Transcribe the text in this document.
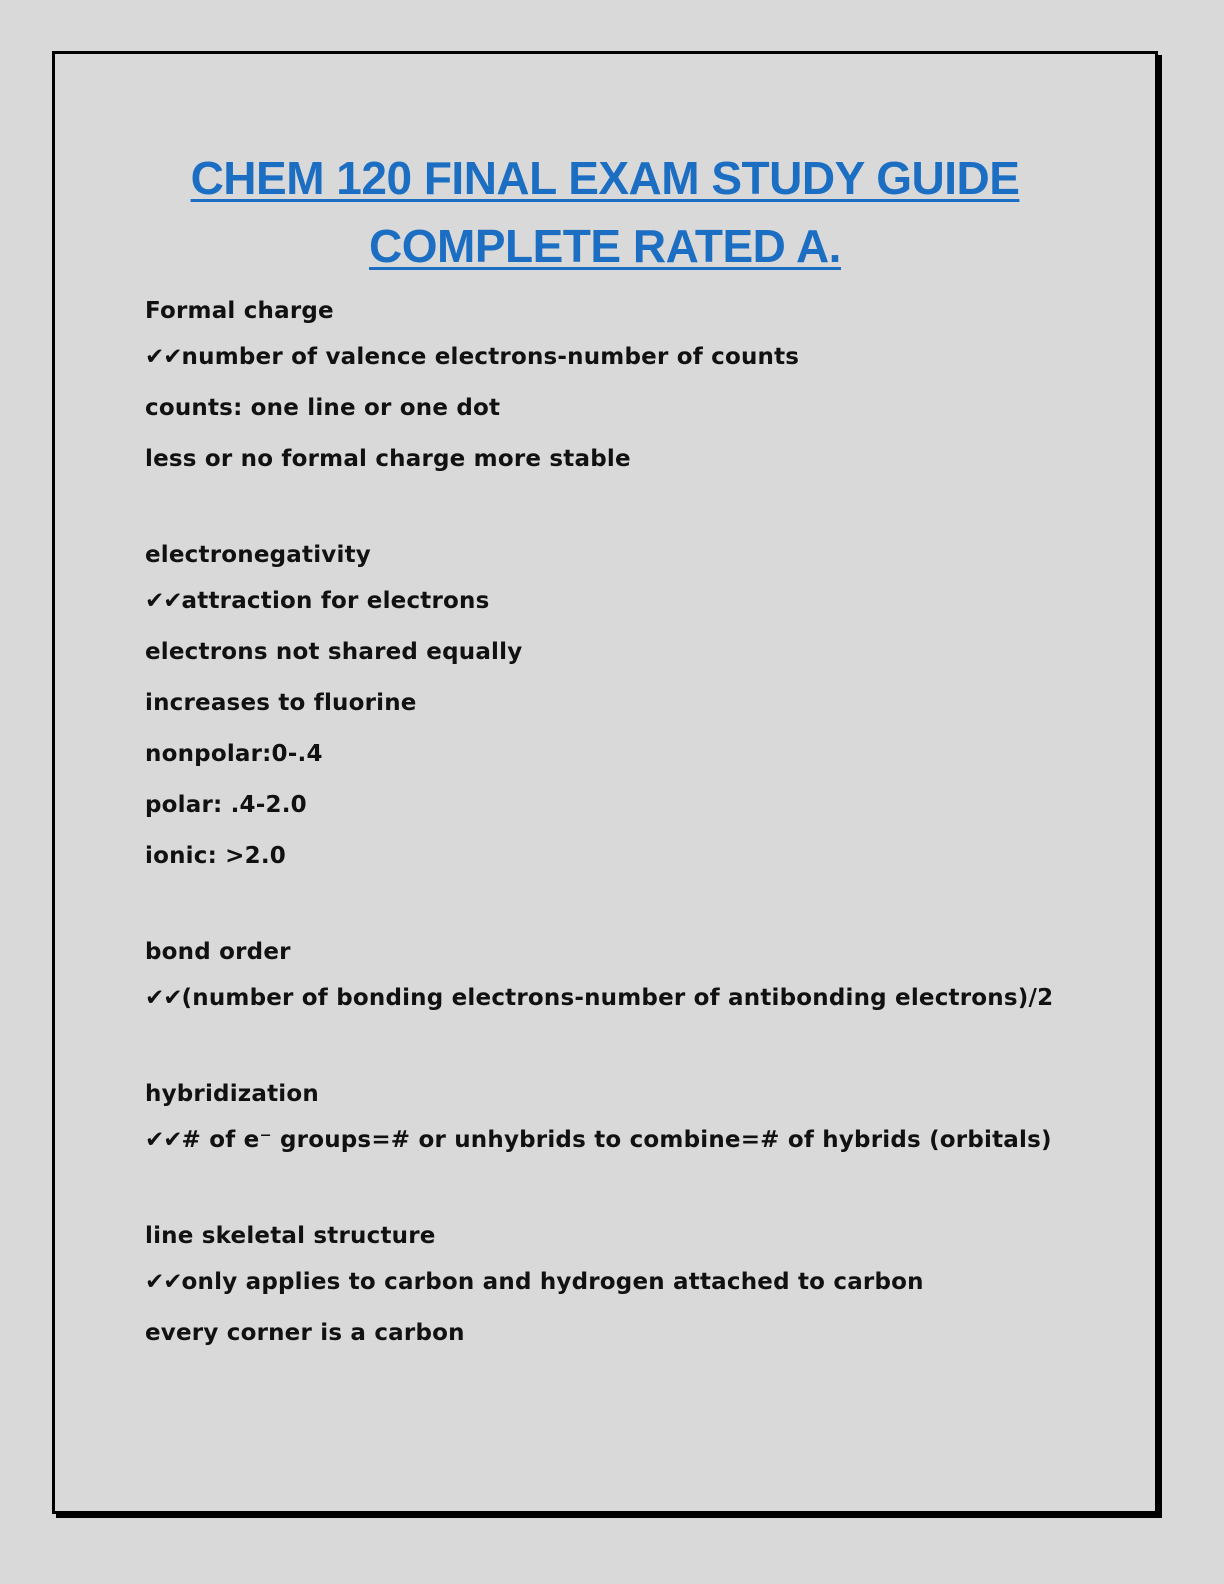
CHEM 120 FINAL EXAM STUDY GUIDE
COMPLETE RATED A.
Formal charge
✔✔number of valence electrons-number of counts
counts: one line or one dot
less or no formal charge more stable
electronegativity
✔✔attraction for electrons
electrons not shared equally
increases to fluorine
nonpolar:0-.4
polar: .4-2.0
ionic: >2.0
bond order
✔✔(number of bonding electrons-number of antibonding electrons)/2
hybridization
✔✔# of e⁻ groups=# or unhybrids to combine=# of hybrids (orbitals)
line skeletal structure
✔✔only applies to carbon and hydrogen attached to carbon
every corner is a carbon
